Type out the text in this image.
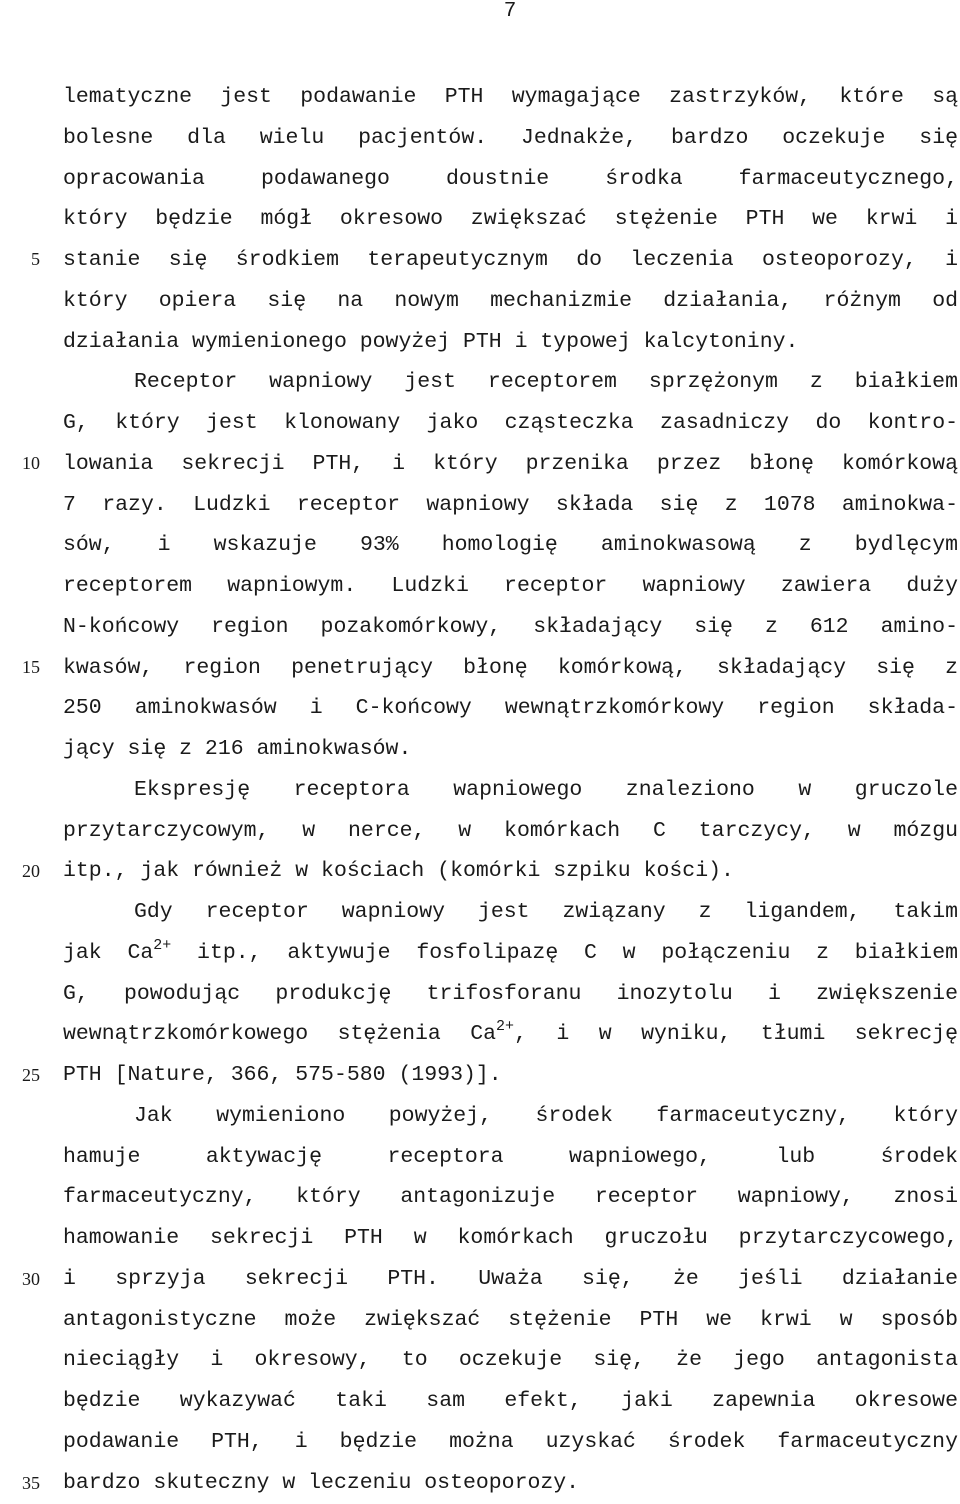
7
5
10
15
20
25
30
35
lematyczne jest podawanie PTH wymagające zastrzyków, które są
bolesne dla wielu pacjentów. Jednakże, bardzo oczekuje się
opracowania podawanego doustnie środka farmaceutycznego,
który będzie mógł okresowo zwiększać stężenie PTH we krwi i
stanie się środkiem terapeutycznym do leczenia osteoporozy, i
który opiera się na nowym mechanizmie działania, różnym od
działania wymienionego powyżej PTH i typowej kalcytoniny.
Receptor wapniowy jest receptorem sprzężonym z białkiem
G, który jest klonowany jako cząsteczka zasadniczy do kontro-
lowania sekrecji PTH, i który przenika przez błonę komórkową
7 razy. Ludzki receptor wapniowy składa się z 1078 aminokwa-
sów, i wskazuje 93% homologię aminokwasową z bydlęcym
receptorem wapniowym. Ludzki receptor wapniowy zawiera duży
N-końcowy region pozakomórkowy, składający się z 612 amino-
kwasów, region penetrujący błonę komórkową, składający się z
250 aminokwasów i C-końcowy wewnątrzkomórkowy region składa-
jący się z 216 aminokwasów.
Ekspresję receptora wapniowego znaleziono w gruczole
przytarczycowym, w nerce, w komórkach C tarczycy, w mózgu
itp., jak również w kościach (komórki szpiku kości).
Gdy receptor wapniowy jest związany z ligandem, takim
jak $Ca^{2+}$ itp., aktywuje fosfolipazę C w połączeniu z białkiem
G, powodując produkcję trifosforanu inozytolu i zwiększenie
wewnątrzkomórkowego stężenia $Ca^{2+}$, i w wyniku, tłumi sekrecję
PTH [Nature, 366, 575-580 (1993)].
Jak wymieniono powyżej, środek farmaceutyczny, który
hamuje aktywację receptora wapniowego, lub środek
farmaceutyczny, który antagonizuje receptor wapniowy, znosi
hamowanie sekrecji PTH w komórkach gruczołu przytarczycowego,
i sprzyja sekrecji PTH. Uważa się, że jeśli działanie
antagonistyczne może zwiększać stężenie PTH we krwi w sposób
nieciągły i okresowy, to oczekuje się, że jego antagonista
będzie wykazywać taki sam efekt, jaki zapewnia okresowe
podawanie PTH, i będzie można uzyskać środek farmaceutyczny
bardzo skuteczny w leczeniu osteoporozy.
